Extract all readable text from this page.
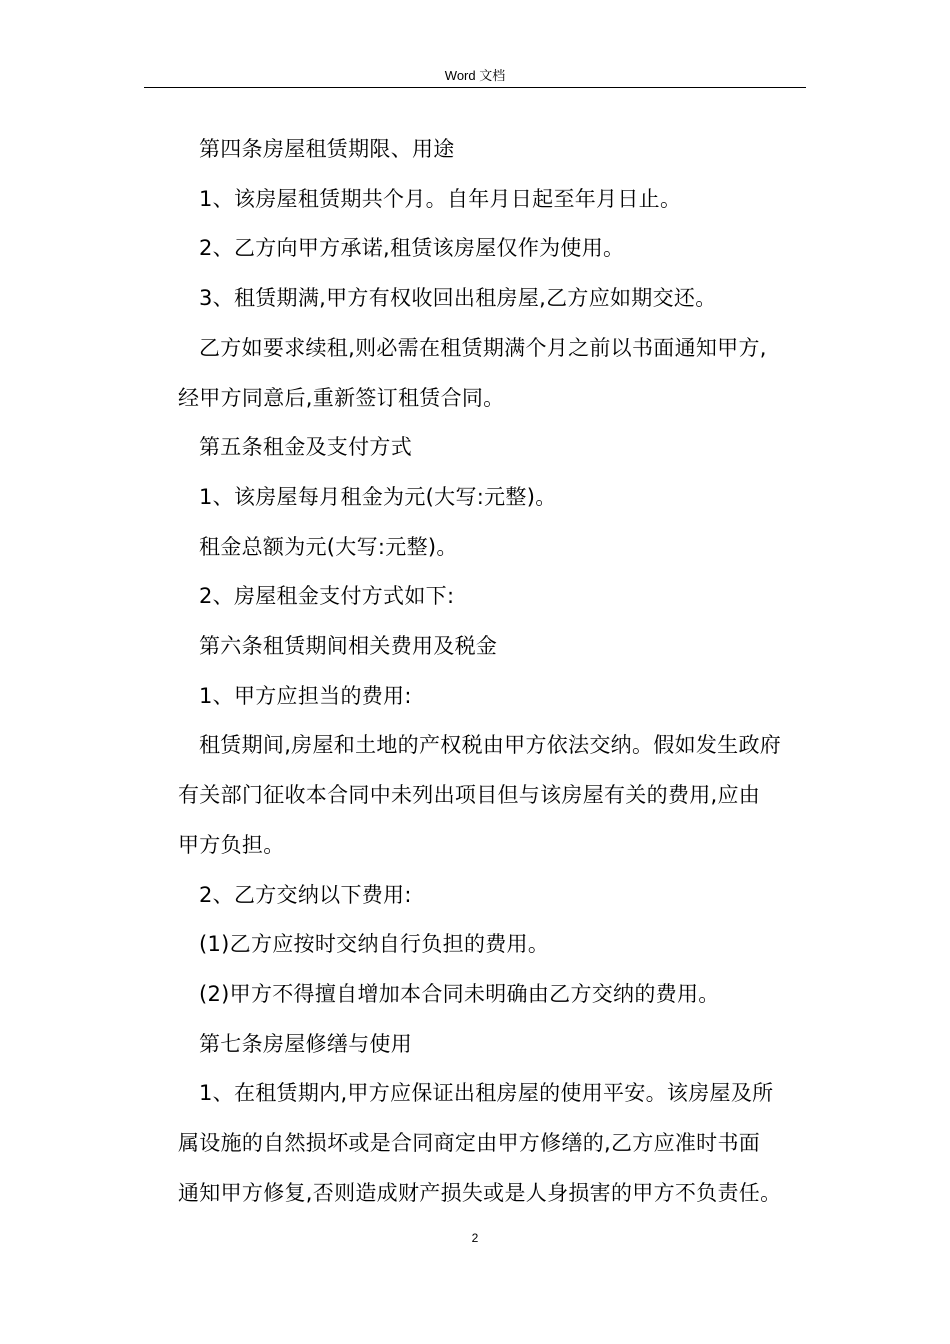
Word 文档

第四条房屋租赁期限、用途

1、该房屋租赁期共个月。自年月日起至年月日止。

2、乙方向甲方承诺,租赁该房屋仅作为使用。

3、租赁期满,甲方有权收回出租房屋,乙方应如期交还。

乙方如要求续租,则必需在租赁期满个月之前以书面通知甲方,

经甲方同意后,重新签订租赁合同。

第五条租金及支付方式

1、该房屋每月租金为元(大写:元整)。

租金总额为元(大写:元整)。

2、房屋租金支付方式如下:

第六条租赁期间相关费用及税金

1、甲方应担当的费用:

租赁期间,房屋和土地的产权税由甲方依法交纳。假如发生政府

有关部门征收本合同中未列出项目但与该房屋有关的费用,应由

甲方负担。

2、乙方交纳以下费用:

(1)乙方应按时交纳自行负担的费用。

(2)甲方不得擅自增加本合同未明确由乙方交纳的费用。

第七条房屋修缮与使用

1、在租赁期内,甲方应保证出租房屋的使用平安。该房屋及所

属设施的自然损坏或是合同商定由甲方修缮的,乙方应准时书面

通知甲方修复,否则造成财产损失或是人身损害的甲方不负责任。

2
